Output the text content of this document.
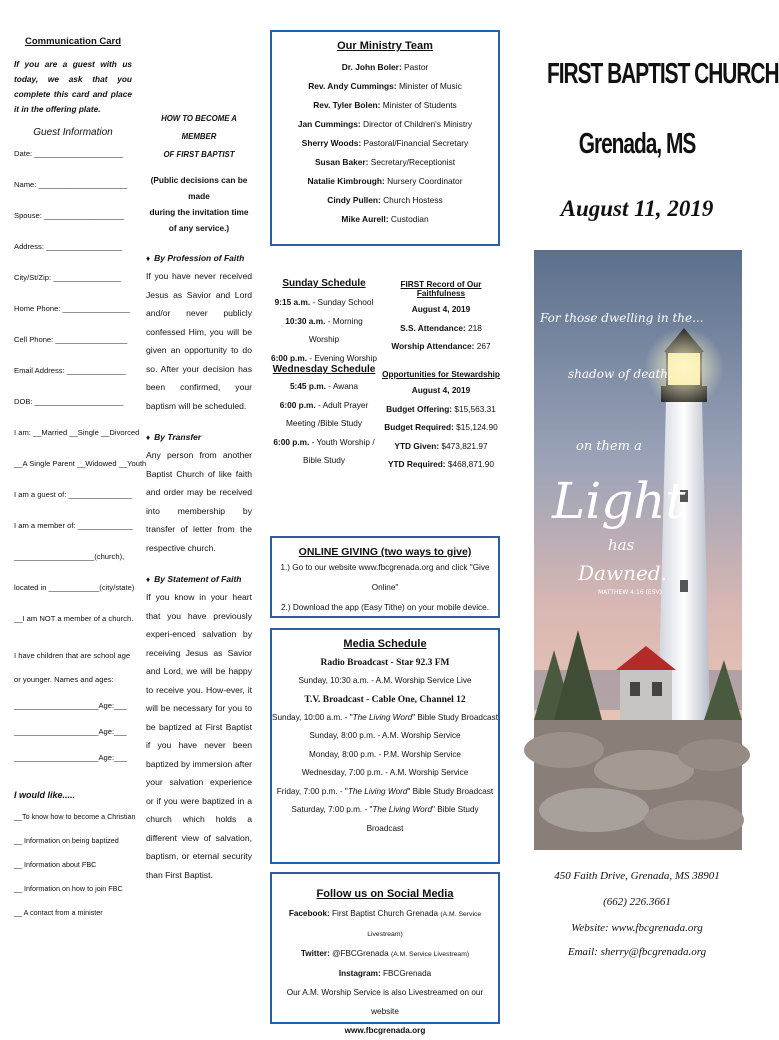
Communication Card
If you are a guest with us today, we ask that you complete this card and place it in the offering plate.
Guest Information
Date: _____________________
Name: _____________________
Spouse: ___________________
Address: __________________
City/St/Zip: ________________
Home Phone: ________________
Cell Phone: _________________
Email Address: ______________
DOB: _____________________
I am: __Married __Single __Divorced
__A Single Parent __Widowed __Youth
I am a guest of: _______________
I am a member of: _____________
___________________(church),
located in ____________(city/state)
__I am NOT a member of a church.
I have children that are school age or younger. Names and ages:
____________________Age:___
____________________Age:___
____________________Age:___
I would like.....
__To know how to become a Christian
__ Information on being baptized
__ Information about FBC
__ Information on how to join FBC
__ A contact from a minister
HOW TO BECOME A MEMBER
OF FIRST BAPTIST
(Public decisions can be made
during the invitation time
of any service.)
♦ By Profession of Faith
If you have never received Jesus as Savior and Lord and/or never publicly confessed Him, you will be given an opportunity to do so. After your decision has been confirmed, your baptism will be scheduled.
♦ By Transfer
Any person from another Baptist Church of like faith and order may be received into membership by transfer of letter from the respective church.
♦ By Statement of Faith
If you know in your heart that you have previously experi-enced salvation by receiving Jesus as Savior and Lord, we will be happy to receive you. How-ever, it will be necessary for you to be baptized at First Baptist if you have never been baptized by immersion after your salvation experience or if you were baptized in a church which holds a different view of salvation, baptism, or eternal security than First Baptist.
Our Ministry Team
Dr. John Boler: Pastor
Rev. Andy Cummings: Minister of Music
Rev. Tyler Bolen: Minister of Students
Jan Cummings: Director of Children's Ministry
Sherry Woods: Pastoral/Financial Secretary
Susan Baker: Secretary/Receptionist
Natalie Kimbrough: Nursery Coordinator
Cindy Pullen: Church Hostess
Mike Aurell: Custodian
Sunday Schedule
9:15 a.m. - Sunday School
10:30 a.m. - Morning Worship
6:00 p.m. - Evening Worship
Wednesday Schedule
5:45 p.m. - Awana
6:00 p.m. - Adult Prayer
Meeting /Bible Study
6:00 p.m. - Youth Worship /
Bible Study
FIRST Record of Our Faithfulness
August 4, 2019
S.S. Attendance: 218
Worship Attendance: 267
Opportunities for Stewardship
August 4, 2019
Budget Offering: $15,563.31
Budget Required: $15,124.90
YTD Given: $473,821.97
YTD Required: $468,871.90
ONLINE GIVING (two ways to give)
1.) Go to our website www.fbcgrenada.org and click "Give Online"
2.) Download the app (Easy Tithe) on your mobile device.
Media Schedule
Radio Broadcast - Star 92.3 FM
Sunday, 10:30 a.m. - A.M. Worship Service Live
T.V. Broadcast - Cable One, Channel 12
Sunday, 10:00 a.m. - "The Living Word" Bible Study Broadcast
Sunday, 8:00 p.m. - A.M. Worship Service
Monday, 8:00 p.m. - P.M. Worship Service
Wednesday, 7:00 p.m. - A.M. Worship Service
Friday, 7:00 p.m. - "The Living Word" Bible Study Broadcast
Saturday, 7:00 p.m. - "The Living Word" Bible Study Broadcast
Follow us on Social Media
Facebook: First Baptist Church Grenada (A.M. Service Livestream)
Twitter: @FBCGrenada (A.M. Service Livestream)
Instagram: FBCGrenada
Our A.M. Worship Service is also Livestreamed on our website
www.fbcgrenada.org
FIRST BAPTIST CHURCH
Grenada, MS
August 11, 2019
For those dwelling in the...
shadow of death,
on them a
Light
has
Dawned.
MATTHEW 4:16 (ESV)
450 Faith Drive, Grenada, MS 38901
(662) 226.3661
Website: www.fbcgrenada.org
Email: sherry@fbcgrenada.org
